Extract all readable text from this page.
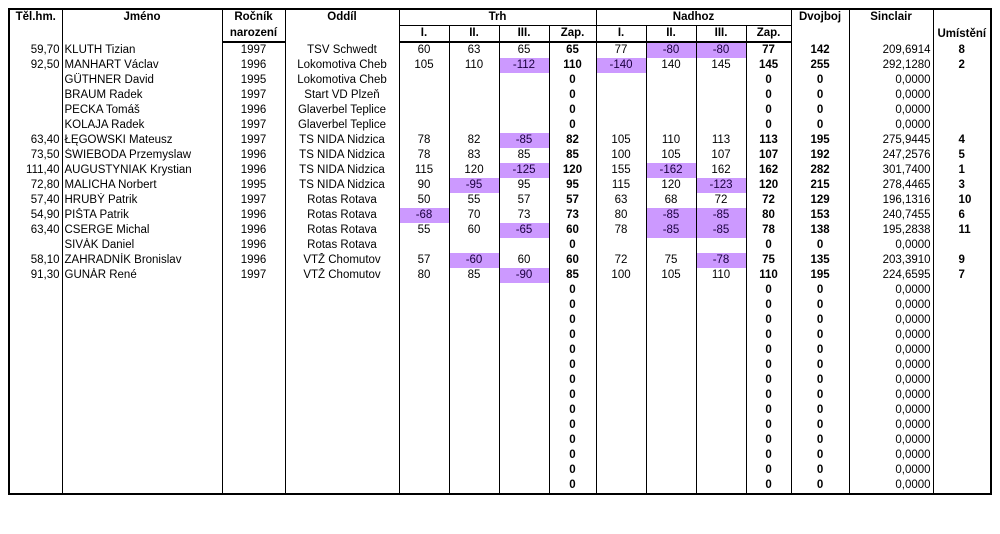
Těl.hm.	Jméno	Ročník	Oddíl	Trh				Nadhoz				Dvojboj	Sinclair	Umístění
		narození		I.	II.	III.	Zap.	I.	II.	III.	Zap.			
59,70	KLUTH Tizian	1997	TSV Schwedt	60	63	65	65	77	-80	-80	77	142	209,6914	8
92,50	MANHART Václav	1996	Lokomotiva Cheb	105	110	-112	110	-140	140	145	145	255	292,1280	2
	GÜTHNER David	1995	Lokomotiva Cheb				0				0	0	0,0000	
	BRAUM Radek	1997	Start VD Plzeň				0				0	0	0,0000	
	PECKA Tomáš	1996	Glaverbel Teplice				0				0	0	0,0000	
	KOLAJA Radek	1997	Glaverbel Teplice				0				0	0	0,0000	
63,40	ŁĘGOWSKI Mateusz	1997	TS NIDA Nidzica	78	82	-85	82	105	110	113	113	195	275,9445	4
73,50	ŚWIEBODA Przemyslaw	1996	TS NIDA Nidzica	78	83	85	85	100	105	107	107	192	247,2576	5
111,40	AUGUSTYNIAK Krystian	1996	TS NIDA Nidzica	115	120	-125	120	155	-162	162	162	282	301,7400	1
72,80	MALICHA Norbert	1995	TS NIDA Nidzica	90	-95	95	95	115	120	-123	120	215	278,4465	3
57,40	HRUBÝ Patrik	1997	Rotas Rotava	50	55	57	57	63	68	72	72	129	196,1316	10
54,90	PIŠTA Patrik	1996	Rotas Rotava	-68	70	73	73	80	-85	-85	80	153	240,7455	6
63,40	CSERGE Michal	1996	Rotas Rotava	55	60	-65	60	78	-85	-85	78	138	195,2838	11
	SIVÁK Daniel	1996	Rotas Rotava				0				0	0	0,0000	
58,10	ZAHRADNÍK Bronislav	1996	VTŽ Chomutov	57	-60	60	60	72	75	-78	75	135	203,3910	9
91,30	GUNÁR René	1997	VTŽ Chomutov	80	85	-90	85	100	105	110	110	195	224,6595	7
							0				0	0	0,0000	
							0				0	0	0,0000	
							0				0	0	0,0000	
							0				0	0	0,0000	
							0				0	0	0,0000	
							0				0	0	0,0000	
							0				0	0	0,0000	
							0				0	0	0,0000	
							0				0	0	0,0000	
							0				0	0	0,0000	
							0				0	0	0,0000	
							0				0	0	0,0000	
							0				0	0	0,0000	
							0				0	0	0,0000	
